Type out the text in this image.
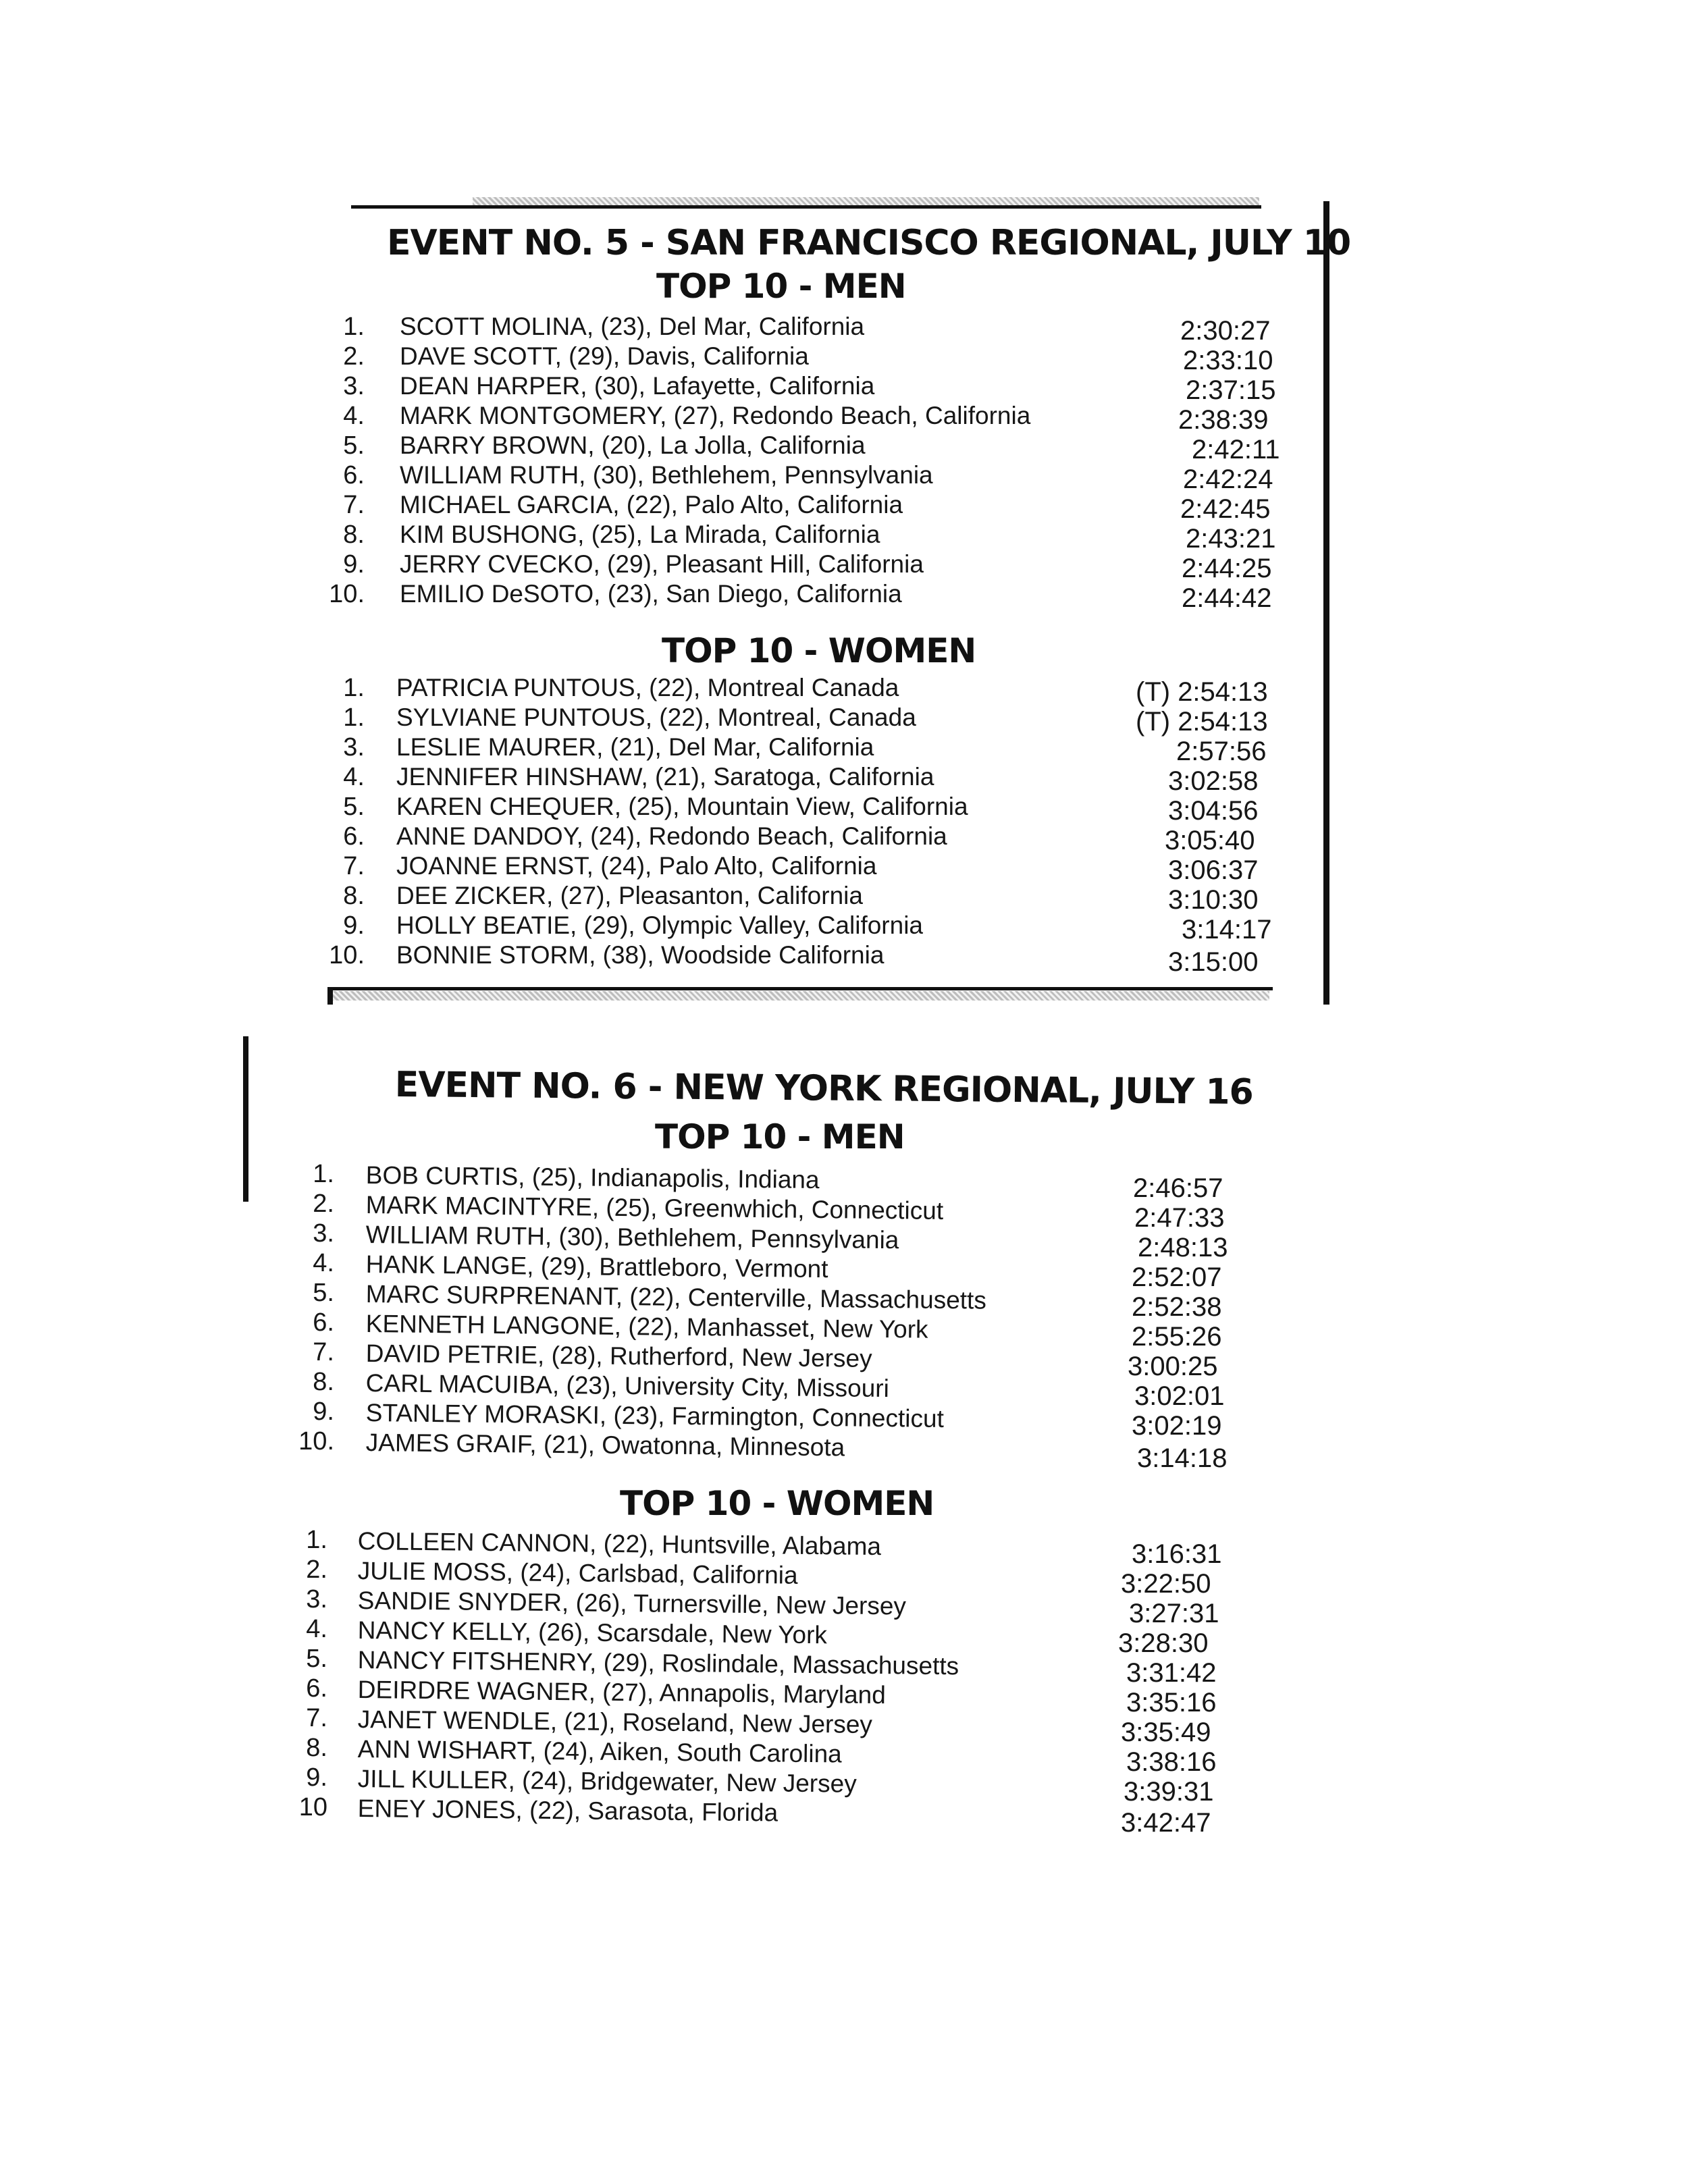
EVENT NO. 5 - SAN FRANCISCO REGIONAL, JULY 10
TOP 10 - MEN
1. SCOTT MOLINA, (23), Del Mar, California	2:30:27
2. DAVE SCOTT, (29), Davis, California	2:33:10
3. DEAN HARPER, (30), Lafayette, California	2:37:15
4. MARK MONTGOMERY, (27), Redondo Beach, California	2:38:39
5. BARRY BROWN, (20), La Jolla, California	2:42:11
6. WILLIAM RUTH, (30), Bethlehem, Pennsylvania	2:42:24
7. MICHAEL GARCIA, (22), Palo Alto, California	2:42:45
8. KIM BUSHONG, (25), La Mirada, California	2:43:21
9. JERRY CVECKO, (29), Pleasant Hill, California	2:44:25
10. EMILIO DeSOTO, (23), San Diego, California	2:44:42
TOP 10 - WOMEN
1. PATRICIA PUNTOUS, (22), Montreal Canada	(T) 2:54:13
1. SYLVIANE PUNTOUS, (22), Montreal, Canada	(T) 2:54:13
3. LESLIE MAURER, (21), Del Mar, California	2:57:56
4. JENNIFER HINSHAW, (21), Saratoga, California	3:02:58
5. KAREN CHEQUER, (25), Mountain View, California	3:04:56
6. ANNE DANDOY, (24), Redondo Beach, California	3:05:40
7. JOANNE ERNST, (24), Palo Alto, California	3:06:37
8. DEE ZICKER, (27), Pleasanton, California	3:10:30
9. HOLLY BEATIE, (29), Olympic Valley, California	3:14:17
10. BONNIE STORM, (38), Woodside California	3:15:00
EVENT NO. 6 - NEW YORK REGIONAL, JULY 16
TOP 10 - MEN
1. BOB CURTIS, (25), Indianapolis, Indiana	2:46:57
2. MARK MACINTYRE, (25), Greenwhich, Connecticut	2:47:33
3. WILLIAM RUTH, (30), Bethlehem, Pennsylvania	2:48:13
4. HANK LANGE, (29), Brattleboro, Vermont	2:52:07
5. MARC SURPRENANT, (22), Centerville, Massachusetts	2:52:38
6. KENNETH LANGONE, (22), Manhasset, New York	2:55:26
7. DAVID PETRIE, (28), Rutherford, New Jersey	3:00:25
8. CARL MACUIBA, (23), University City, Missouri	3:02:01
9. STANLEY MORASKI, (23), Farmington, Connecticut	3:02:19
10. JAMES GRAIF, (21), Owatonna, Minnesota	3:14:18
TOP 10 - WOMEN
1. COLLEEN CANNON, (22), Huntsville, Alabama	3:16:31
2. JULIE MOSS, (24), Carlsbad, California	3:22:50
3. SANDIE SNYDER, (26), Turnersville, New Jersey	3:27:31
4. NANCY KELLY, (26), Scarsdale, New York	3:28:30
5. NANCY FITSHENRY, (29), Roslindale, Massachusetts	3:31:42
6. DEIRDRE WAGNER, (27), Annapolis, Maryland	3:35:16
7. JANET WENDLE, (21), Roseland, New Jersey	3:35:49
8. ANN WISHART, (24), Aiken, South Carolina	3:38:16
9. JILL KULLER, (24), Bridgewater, New Jersey	3:39:31
10 ENEY JONES, (22), Sarasota, Florida	3:42:47
